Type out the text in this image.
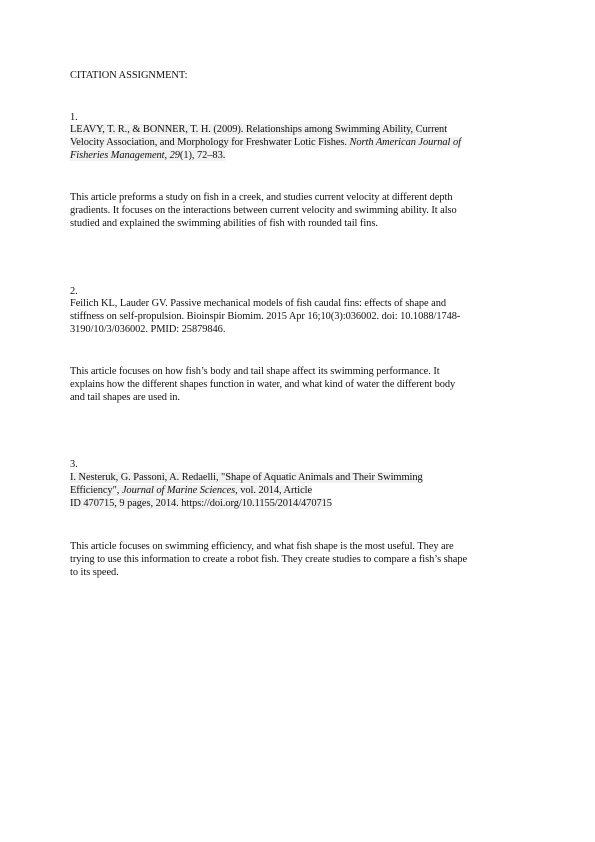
CITATION ASSIGNMENT:
1.
LEAVY, T. R., & BONNER, T. H. (2009). Relationships among Swimming Ability, Current
Velocity Association, and Morphology for Freshwater Lotic Fishes. North American Journal of
Fisheries Management, 29(1), 72–83.
This article preforms a study on fish in a creek, and studies current velocity at different depth
gradients. It focuses on the interactions between current velocity and swimming ability. It also
studied and explained the swimming abilities of fish with rounded tail fins.
2.
Feilich KL, Lauder GV. Passive mechanical models of fish caudal fins: effects of shape and
stiffness on self-propulsion. Bioinspir Biomim. 2015 Apr 16;10(3):036002. doi: 10.1088/1748-
3190/10/3/036002. PMID: 25879846.
This article focuses on how fish’s body and tail shape affect its swimming performance. It
explains how the different shapes function in water, and what kind of water the different body
and tail shapes are used in.
3.
I. Nesteruk, G. Passoni, A. Redaelli, "Shape of Aquatic Animals and Their Swimming
Efficiency", Journal of Marine Sciences, vol. 2014, Article
ID 470715, 9 pages, 2014. https://doi.org/10.1155/2014/470715
This article focuses on swimming efficiency, and what fish shape is the most useful. They are
trying to use this information to create a robot fish. They create studies to compare a fish’s shape
to its speed.
